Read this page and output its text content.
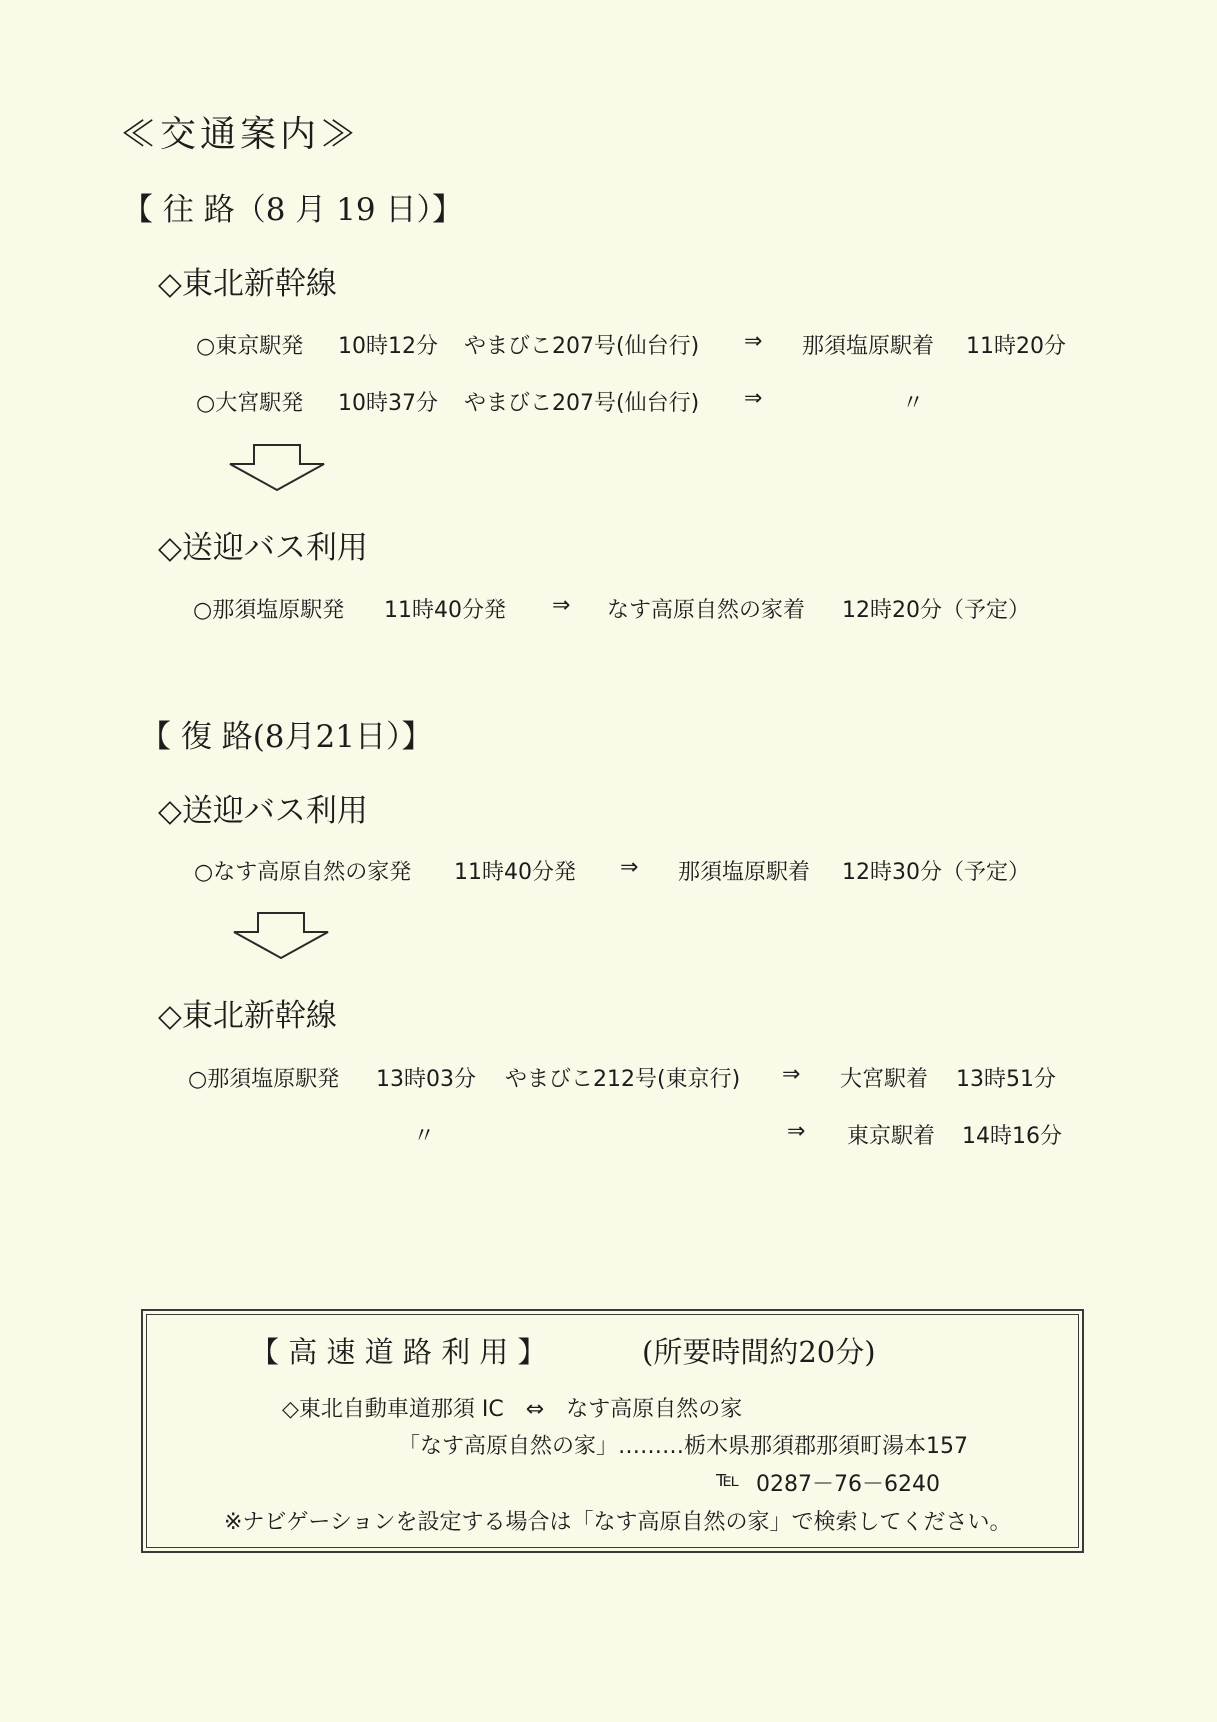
≪交通案内≫
【 往 路（8 月 19 日）】
◇東北新幹線
○東京駅発 10時12分 やまびこ207号(仙台行) ⇒ 那須塩原駅着 11時20分
○大宮駅発 10時37分 やまびこ207号(仙台行) ⇒	〃
◇送迎バス利用
○那須塩原駅発 11時40分発 ⇒ なす高原自然の家着 12時20分（予定）
【 復 路(8月21日）】
◇送迎バス利用
○なす高原自然の家発 11時40分発 ⇒ 那須塩原駅着 12時30分（予定）
◇東北新幹線
○那須塩原駅発 13時03分 やまびこ212号(東京行) ⇒ 大宮駅着 13時51分
〃	⇒ 東京駅着 14時16分
【 高 速 道 路 利 用 】	(所要時間約20分)
◇東北自動車道那須 IC　⇔　なす高原自然の家
「なす高原自然の家」………栃木県那須郡那須町湯本157
℡ 0287－76－6240
※ナビゲーションを設定する場合は「なす高原自然の家」で検索してください。
